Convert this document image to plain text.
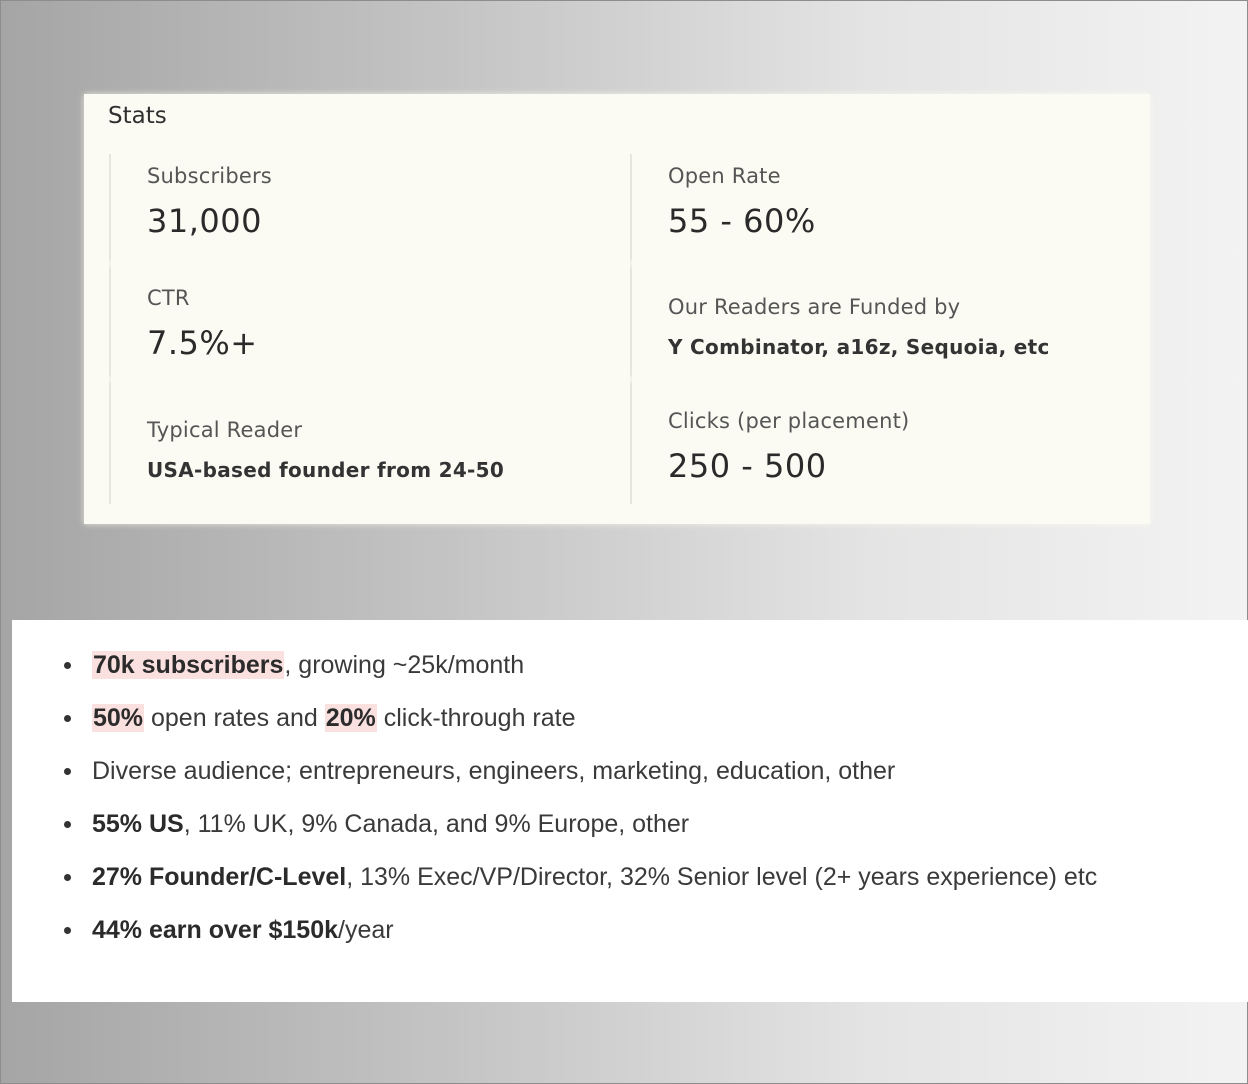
Stats
Subscribers
31,000
CTR
7.5%+
Typical Reader
USA-based founder from 24-50
Open Rate
55 - 60%
Our Readers are Funded by
Y Combinator, a16z, Sequoia, etc
Clicks (per placement)
250 - 500
70k subscribers, growing ~25k/month
50% open rates and 20% click-through rate
Diverse audience; entrepreneurs, engineers, marketing, education, other
55% US, 11% UK, 9% Canada, and 9% Europe, other
27% Founder/C-Level, 13% Exec/VP/Director, 32% Senior level (2+ years experience) etc
44% earn over $150k/year
